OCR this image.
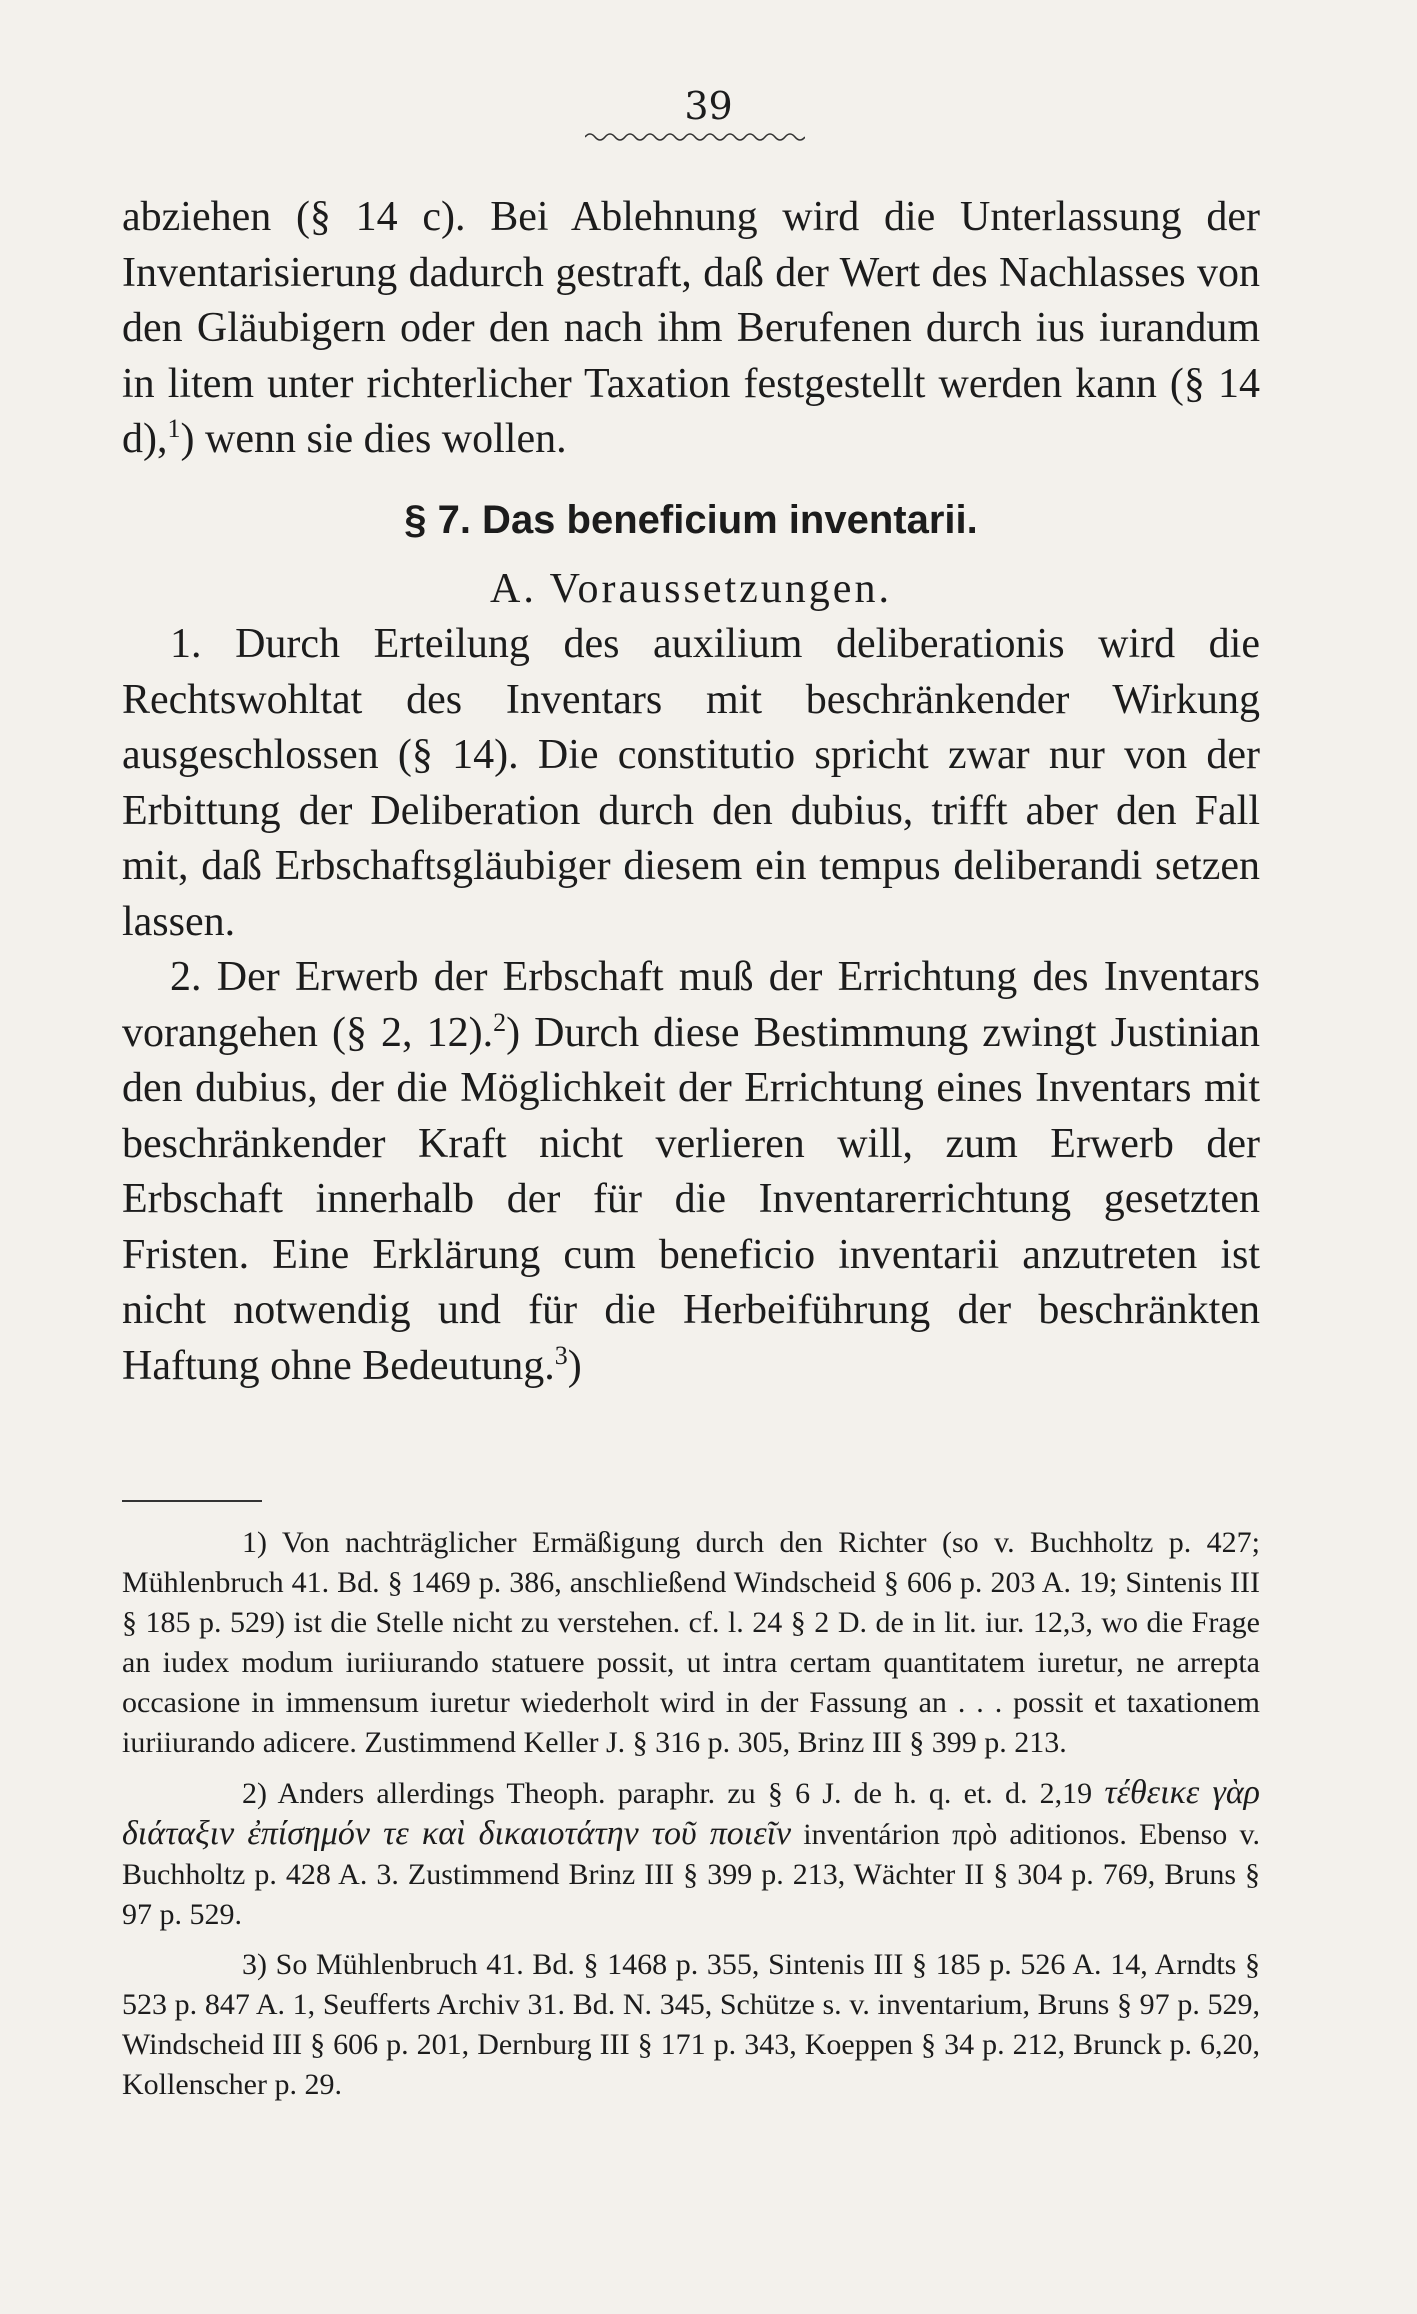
39

abziehen (§ 14 c). Bei Ablehnung wird die Unterlassung der Inventarisierung dadurch gestraft, daß der Wert des Nachlasses von den Gläubigern oder den nach ihm Berufenen durch ius iurandum in litem unter richterlicher Taxation festgestellt werden kann (§ 14 d),$^1$) wenn sie dies wollen.

§ 7. Das beneficium inventarii.

A. Voraussetzungen.

1. Durch Erteilung des auxilium deliberationis wird die Rechtswohltat des Inventars mit beschränkender Wirkung ausgeschlossen (§ 14). Die constitutio spricht zwar nur von der Erbittung der Deliberation durch den dubius, trifft aber den Fall mit, daß Erbschaftsgläubiger diesem ein tempus deliberandi setzen lassen.

2. Der Erwerb der Erbschaft muß der Errichtung des Inventars vorangehen (§ 2, 12).$^2$) Durch diese Bestimmung zwingt Justinian den dubius, der die Möglichkeit der Errichtung eines Inventars mit beschränkender Kraft nicht verlieren will, zum Erwerb der Erbschaft innerhalb der für die Inventarerrichtung gesetzten Fristen. Eine Erklärung cum beneficio inventarii anzutreten ist nicht notwendig und für die Herbeiführung der beschränkten Haftung ohne Bedeutung.$^3$)

1) Von nachträglicher Ermäßigung durch den Richter (so v. Buchholtz p. 427; Mühlenbruch 41. Bd. § 1469 p. 386, anschließend Windscheid § 606 p. 203 A. 19; Sintenis III § 185 p. 529) ist die Stelle nicht zu verstehen. cf. l. 24 § 2 D. de in lit. iur. 12,3, wo die Frage an iudex modum iuriiurando statuere possit, ut intra certam quantitatem iuretur, ne arrepta occasione in immensum iuretur wiederholt wird in der Fassung an . . . possit et taxationem iuriiurando adicere. Zustimmend Keller J. § 316 p. 305, Brinz III § 399 p. 213.

2) Anders allerdings Theoph. paraphr. zu § 6 J. de h. q. et. d. 2,19 τέθεικε γὰρ διάταξιν ἐπίσημόν τε καὶ δικαιοτάτην τοῦ ποιεῖν inventárion πρὸ aditionos. Ebenso v. Buchholtz p. 428 A. 3. Zustimmend Brinz III § 399 p. 213, Wächter II § 304 p. 769, Bruns § 97 p. 529.

3) So Mühlenbruch 41. Bd. § 1468 p. 355, Sintenis III § 185 p. 526 A. 14, Arndts § 523 p. 847 A. 1, Seufferts Archiv 31. Bd. N. 345, Schütze s. v. inventarium, Bruns § 97 p. 529, Windscheid III § 606 p. 201, Dernburg III § 171 p. 343, Koeppen § 34 p. 212, Brunck p. 6,20, Kollenscher p. 29.
